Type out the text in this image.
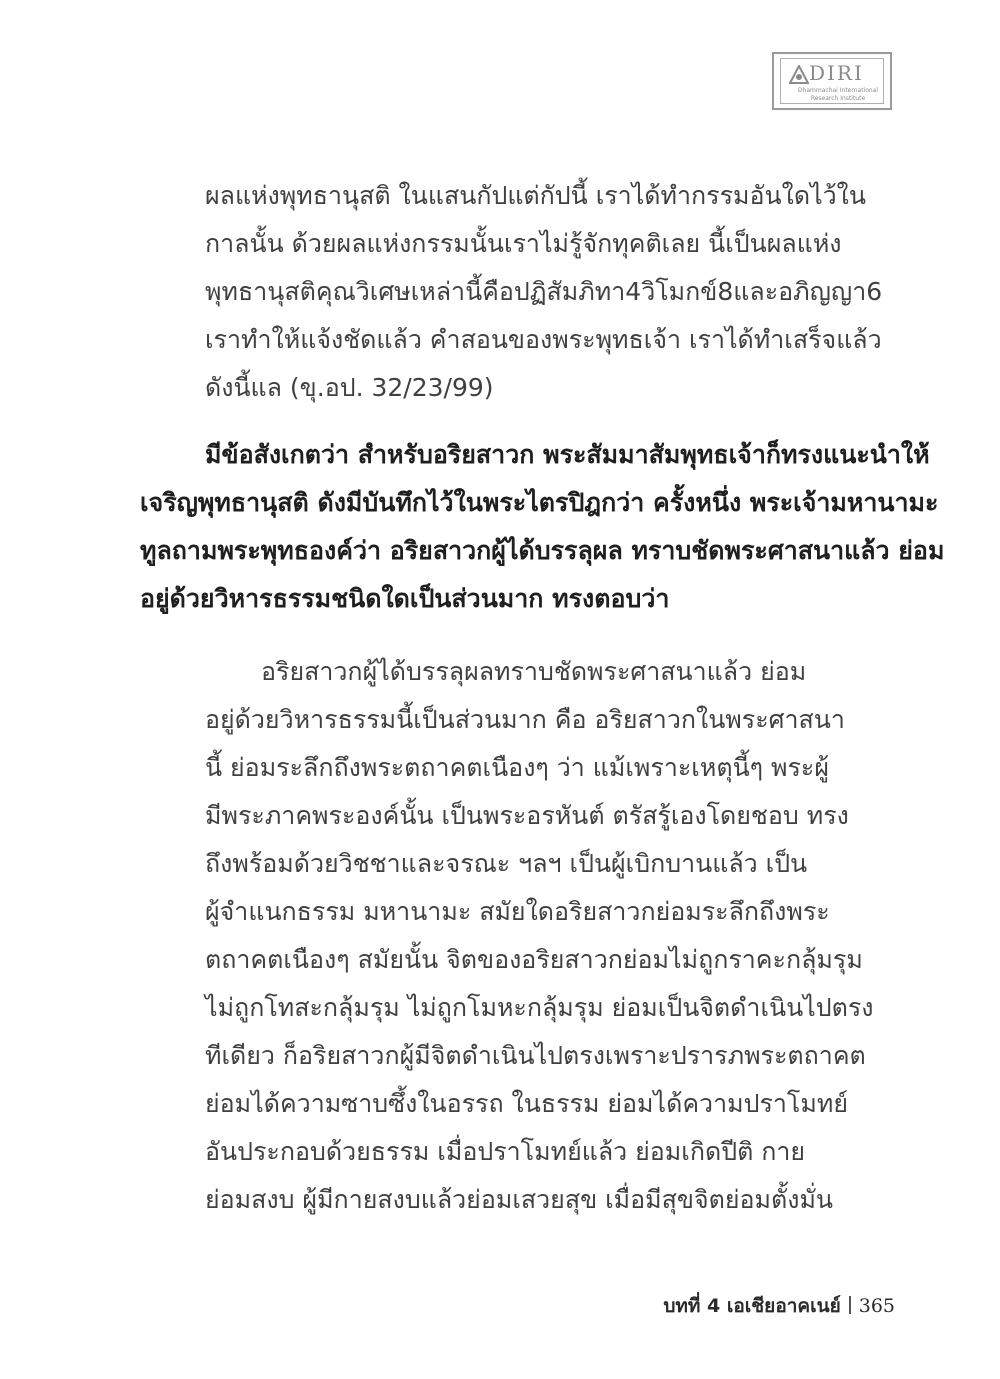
DIRI
Dhammachai International
Research Institute

ผลแห่งพุทธานุสติ ในแสนกัปแต่กัปนี้ เราได้ทำกรรมอันใดไว้ใน

กาลนั้น ด้วยผลแห่งกรรมนั้นเราไม่รู้จักทุคติเลย นี้เป็นผลแห่ง

พุทธานุสติคุณวิเศษเหล่านี้คือปฏิสัมภิทา4วิโมกข์8และอภิญญา6

เราทำให้แจ้งชัดแล้ว คำสอนของพระพุทธเจ้า เราได้ทำเสร็จแล้ว

ดังนี้แล (ขุ.อป. 32/23/99)

มีข้อสังเกตว่า สำหรับอริยสาวก พระสัมมาสัมพุทธเจ้าก็ทรงแนะนำให้

เจริญพุทธานุสติ ดังมีบันทึกไว้ในพระไตรปิฎกว่า ครั้งหนึ่ง พระเจ้ามหานามะ

ทูลถามพระพุทธองค์ว่า อริยสาวกผู้ได้บรรลุผล ทราบชัดพระศาสนาแล้ว ย่อม

อยู่ด้วยวิหารธรรมชนิดใดเป็นส่วนมาก ทรงตอบว่า

อริยสาวกผู้ได้บรรลุผลทราบชัดพระศาสนาแล้ว ย่อม

อยู่ด้วยวิหารธรรมนี้เป็นส่วนมาก คือ อริยสาวกในพระศาสนา

นี้ ย่อมระลึกถึงพระตถาคตเนืองๆ ว่า แม้เพราะเหตุนี้ๆ พระผู้

มีพระภาคพระองค์นั้น เป็นพระอรหันต์ ตรัสรู้เองโดยชอบ ทรง

ถึงพร้อมด้วยวิชชาและจรณะ ฯลฯ เป็นผู้เบิกบานแล้ว เป็น

ผู้จำแนกธรรม มหานามะ สมัยใดอริยสาวกย่อมระลึกถึงพระ

ตถาคตเนืองๆ สมัยนั้น จิตของอริยสาวกย่อมไม่ถูกราคะกลุ้มรุม

ไม่ถูกโทสะกลุ้มรุม ไม่ถูกโมหะกลุ้มรุม ย่อมเป็นจิตดำเนินไปตรง

ทีเดียว ก็อริยสาวกผู้มีจิตดำเนินไปตรงเพราะปรารภพระตถาคต

ย่อมได้ความซาบซึ้งในอรรถ ในธรรม ย่อมได้ความปราโมทย์

อันประกอบด้วยธรรม เมื่อปราโมทย์แล้ว ย่อมเกิดปีติ กาย

ย่อมสงบ ผู้มีกายสงบแล้วย่อมเสวยสุข เมื่อมีสุขจิตย่อมตั้งมั่น

บทที่ 4 เอเชียอาคเนย์ 365
